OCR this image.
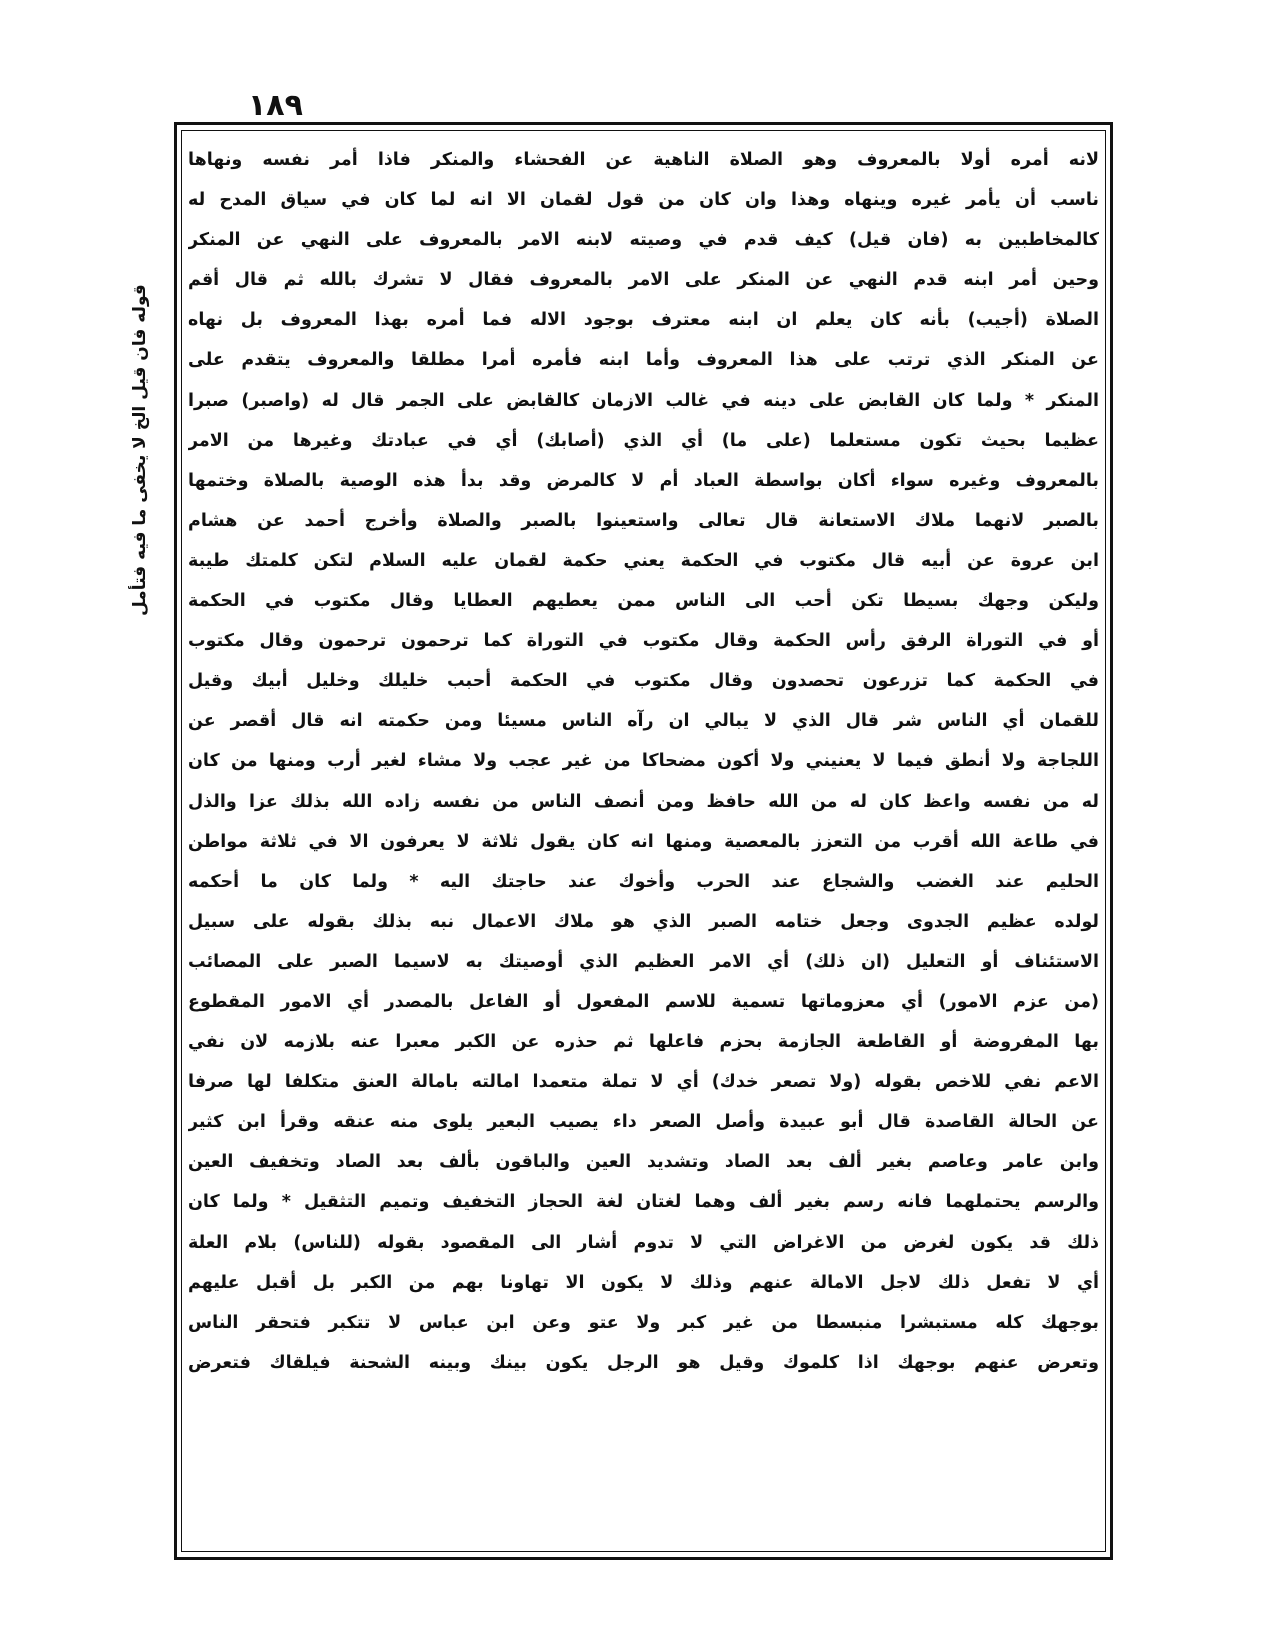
١٨٩
قوله فان قيل الخ لا يخفى ما فيه فتأمل
لانه أمره أولا بالمعروف وهو الصلاة الناهية عن الفحشاء والمنكر فاذا أمر نفسه ونهاها
ناسب أن يأمر غيره وينهاه وهذا وان كان من قول لقمان الا انه لما كان في سياق المدح له
كالمخاطبين به (فان قيل) كيف قدم في وصيته لابنه الامر بالمعروف على النهي عن المنكر
وحين أمر ابنه قدم النهي عن المنكر على الامر بالمعروف فقال لا تشرك بالله ثم قال أقم
الصلاة (أجيب) بأنه كان يعلم ان ابنه معترف بوجود الاله فما أمره بهذا المعروف بل نهاه
عن المنكر الذي ترتب على هذا المعروف وأما ابنه فأمره أمرا مطلقا والمعروف يتقدم على
المنكر * ولما كان القابض على دينه في غالب الازمان كالقابض على الجمر قال له (واصبر) صبرا
عظيما بحيث تكون مستعلما (على ما) أي الذي (أصابك) أي في عبادتك وغيرها من الامر
بالمعروف وغيره سواء أكان بواسطة العباد أم لا كالمرض وقد بدأ هذه الوصية بالصلاة وختمها
بالصبر لانهما ملاك الاستعانة قال تعالى واستعينوا بالصبر والصلاة وأخرج أحمد عن هشام
ابن عروة عن أبيه قال مكتوب في الحكمة يعني حكمة لقمان عليه السلام لتكن كلمتك طيبة
وليكن وجهك بسيطا تكن أحب الى الناس ممن يعطيهم العطايا وقال مكتوب في الحكمة
أو في التوراة الرفق رأس الحكمة وقال مكتوب في التوراة كما ترحمون ترحمون وقال مكتوب
في الحكمة كما تزرعون تحصدون وقال مكتوب في الحكمة أحبب خليلك وخليل أبيك وقيل
للقمان أي الناس شر قال الذي لا يبالي ان رآه الناس مسيئا ومن حكمته انه قال أقصر عن
اللجاجة ولا أنطق فيما لا يعنيني ولا أكون مضحاكا من غير عجب ولا مشاء لغير أرب ومنها من كان
له من نفسه واعظ كان له من الله حافظ ومن أنصف الناس من نفسه زاده الله بذلك عزا والذل
في طاعة الله أقرب من التعزز بالمعصية ومنها انه كان يقول ثلاثة لا يعرفون الا في ثلاثة مواطن
الحليم عند الغضب والشجاع عند الحرب وأخوك عند حاجتك اليه * ولما كان ما أحكمه
لولده عظيم الجدوى وجعل ختامه الصبر الذي هو ملاك الاعمال نبه بذلك بقوله على سبيل
الاستئناف أو التعليل (ان ذلك) أي الامر العظيم الذي أوصيتك به لاسيما الصبر على المصائب
(من عزم الامور) أي معزوماتها تسمية للاسم المفعول أو الفاعل بالمصدر أي الامور المقطوع
بها المفروضة أو القاطعة الجازمة بحزم فاعلها ثم حذره عن الكبر معبرا عنه بلازمه لان نفي
الاعم نفي للاخص بقوله (ولا تصعر خدك) أي لا تملة متعمدا امالته بامالة العنق متكلفا لها صرفا
عن الحالة القاصدة قال أبو عبيدة وأصل الصعر داء يصيب البعير يلوى منه عنقه وقرأ ابن كثير
وابن عامر وعاصم بغير ألف بعد الصاد وتشديد العين والباقون بألف بعد الصاد وتخفيف العين
والرسم يحتملهما فانه رسم بغير ألف وهما لغتان لغة الحجاز التخفيف وتميم التثقيل * ولما كان
ذلك قد يكون لغرض من الاغراض التي لا تدوم أشار الى المقصود بقوله (للناس) بلام العلة
أي لا تفعل ذلك لاجل الامالة عنهم وذلك لا يكون الا تهاونا بهم من الكبر بل أقبل عليهم
بوجهك كله مستبشرا منبسطا من غير كبر ولا عتو وعن ابن عباس لا تتكبر فتحقر الناس
وتعرض عنهم بوجهك اذا كلموك وقيل هو الرجل يكون بينك وبينه الشحنة فيلقاك فتعرض
